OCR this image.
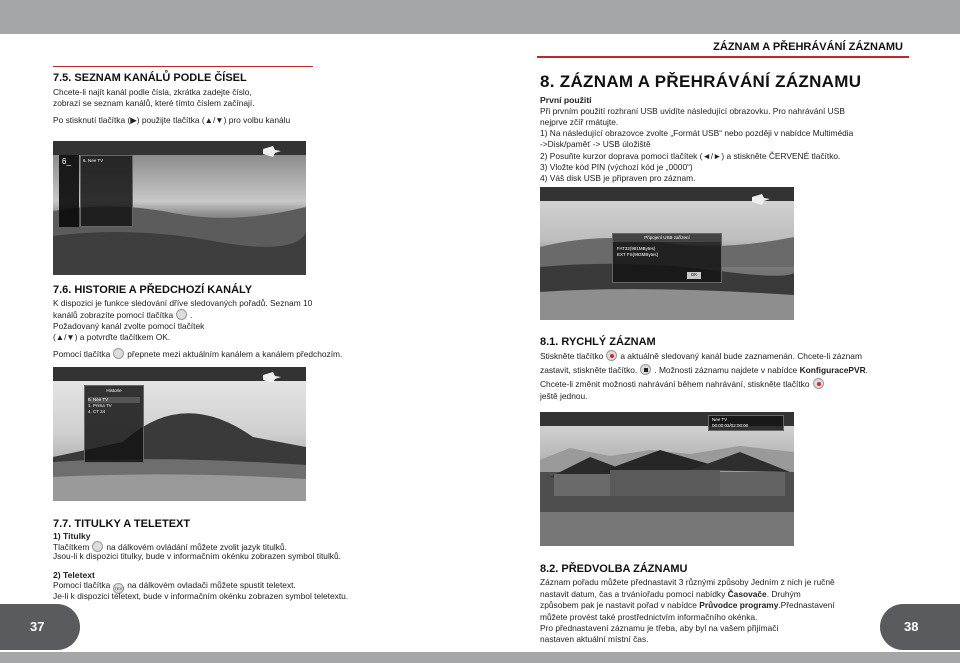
ZÁZNAM A PŘEHRÁVÁNÍ ZÁZNAMU
7.5. SEZNAM KANÁLŮ PODLE ČÍSEL
Chcete-li najít kanál podle čísla, zkrátka zadejte číslo,
zobrazí se seznam kanálů, které tímto číslem začínají.
Po stisknutí tlačítka (▶) použijte tlačítka (▲/▼) pro volbu kanálu
6_	6. Nee TV
7.6. HISTORIE A PŘEDCHOZÍ KANÁLY
K dispozici je funkce sledování dříve sledovaných pořadů. Seznam 10
kanálů zobrazíte pomocí tlačítka .
Požadovaný kanál zvolte pomocí tlačítek
(▲/▼) a potvrďte tlačítkem OK.
Pomocí tlačítka přepnete mezi aktuálním kanálem a kanálem předchozím.
Historie
6. Nee TV
1. Prima TV
4. CT 24
7.7. TITULKY A TELETEXT
1) Titulky
Tlačítkem na dálkovém ovládání můžete zvolit jazyk titulků.
Jsou-li k dispozici titulky, bude v informačním okénku zobrazen symbol titulků.
2) Teletext
Pomocí tlačítka TEXT na dálkovém ovladači můžete spustit teletext.
Je-li k dispozici teletext, bude v informačním okénku zobrazen symbol teletextu.
37
8. ZÁZNAM A PŘEHRÁVÁNÍ ZÁZNAMU
První použití
Při prvním použití rozhraní USB uvidíte následující obrazovku. Pro nahrávání USB
nejprve zčíř rmátujte.
1) Na následující obrazovce zvolte „Formát USB“ nebo později v nabídce Multimédia
->Disk/paměť -> USB úložiště
2) Posuňte kurzor doprava pomocí tlačítek (◄/►) a stiskněte ČERVENÉ tlačítko.
3) Vložte kód PIN (výchozí kód je „0000“)
4) Váš disk USB je připraven pro záznam.
Připojení USB zařízení
FAT32(981MBytes)
EXT FS(993MBytes)
OK
8.1. RYCHLÝ ZÁZNAM
Stiskněte tlačítko a aktuálně sledovaný kanál bude zaznamenán. Chcete-li záznam
zastavit, stiskněte tlačítko. . Možnosti záznamu najdete v nabídce KonfiguracePVR.
Chcete-li změnit možnosti nahrávání během nahrávání, stiskněte tlačítko
ještě jednou.
Nee TV
00:00:03/02:00:00
8.2. PŘEDVOLBA ZÁZNAMU
Záznam pořadu můžete přednastavit 3 různými způsoby Jedním z nich je ručně
nastavit datum, čas a trváníořadu pomocí nabídky Časovače. Druhým
způsobem pak je nastavit pořad v nabídce Průvodce programy.Přednastavení
můžete provést také prostřednictvím informačního okénka.
Pro přednastavení záznamu je třeba, aby byl na vašem přijímači
nastaven aktuální místní čas.
38
